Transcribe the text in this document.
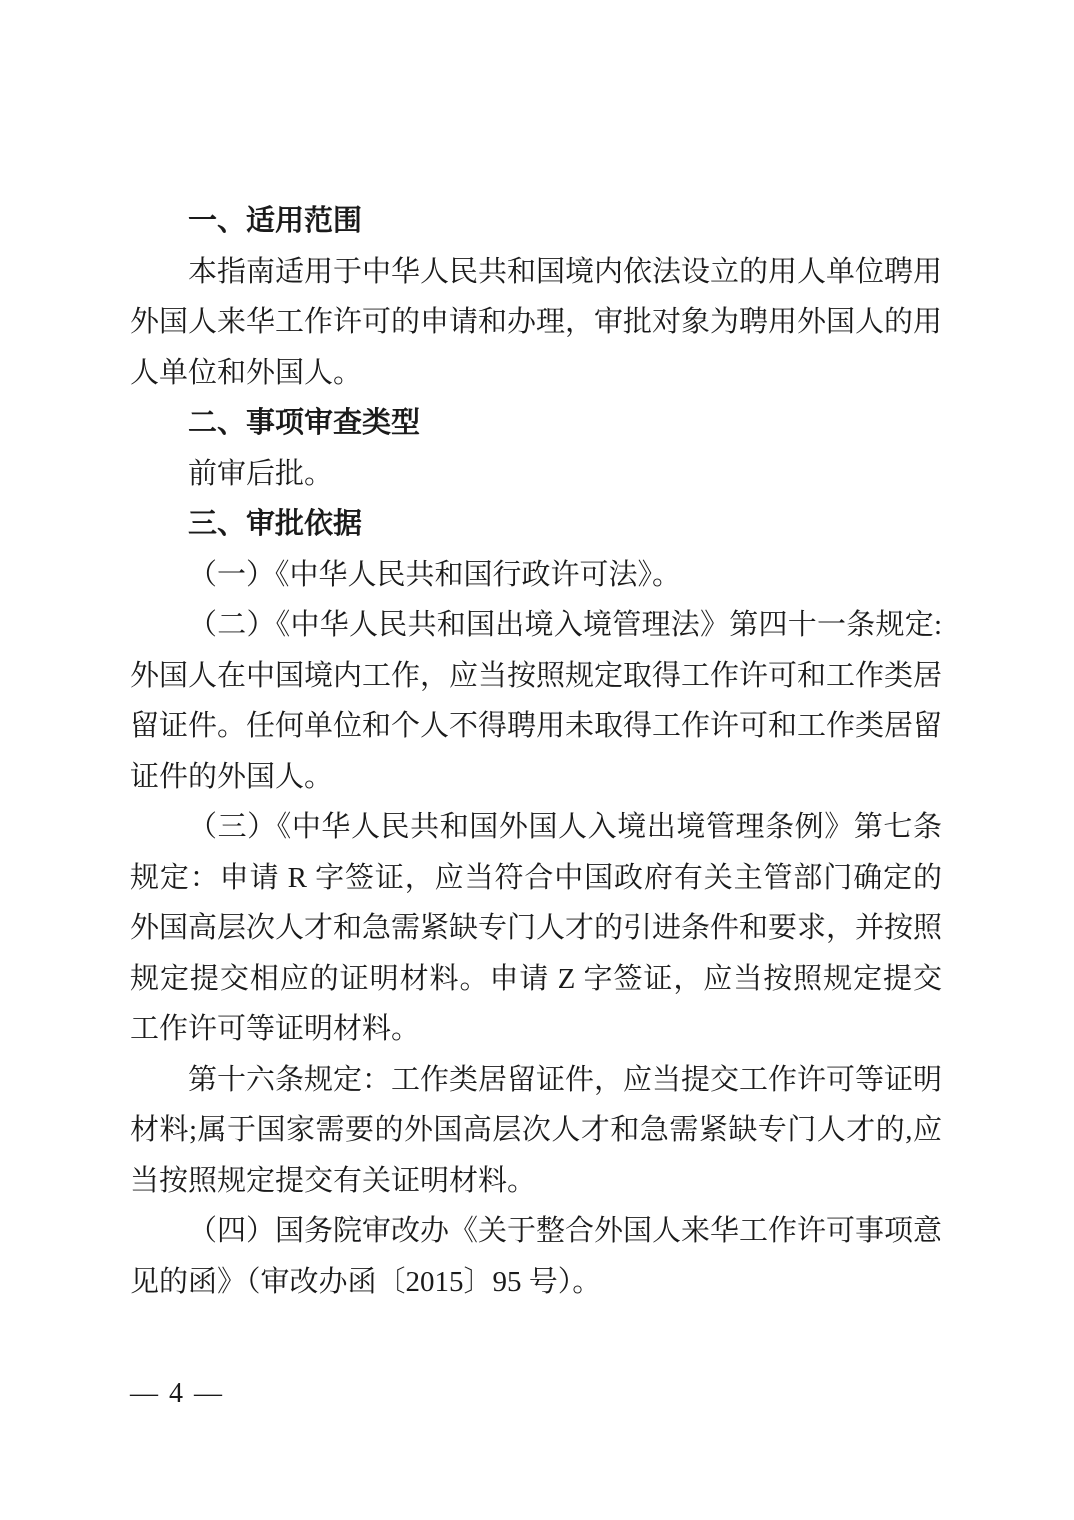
一、适用范围

本指南适用于中华人民共和国境内依法设立的用人单位聘用外国人来华工作许可的申请和办理，审批对象为聘用外国人的用人单位和外国人。

二、事项审查类型

前审后批。

三、审批依据

（一）《中华人民共和国行政许可法》。

（二）《中华人民共和国出境入境管理法》第四十一条规定:外国人在中国境内工作，应当按照规定取得工作许可和工作类居留证件。任何单位和个人不得聘用未取得工作许可和工作类居留证件的外国人。

（三）《中华人民共和国外国人入境出境管理条例》第七条规定：申请 R 字签证，应当符合中国政府有关主管部门确定的外国高层次人才和急需紧缺专门人才的引进条件和要求，并按照规定提交相应的证明材料。申请 Z 字签证，应当按照规定提交工作许可等证明材料。

第十六条规定：工作类居留证件，应当提交工作许可等证明材料;属于国家需要的外国高层次人才和急需紧缺专门人才的,应当按照规定提交有关证明材料。

（四）国务院审改办《关于整合外国人来华工作许可事项意见的函》（审改办函〔2015〕95 号）。

— 4 —
